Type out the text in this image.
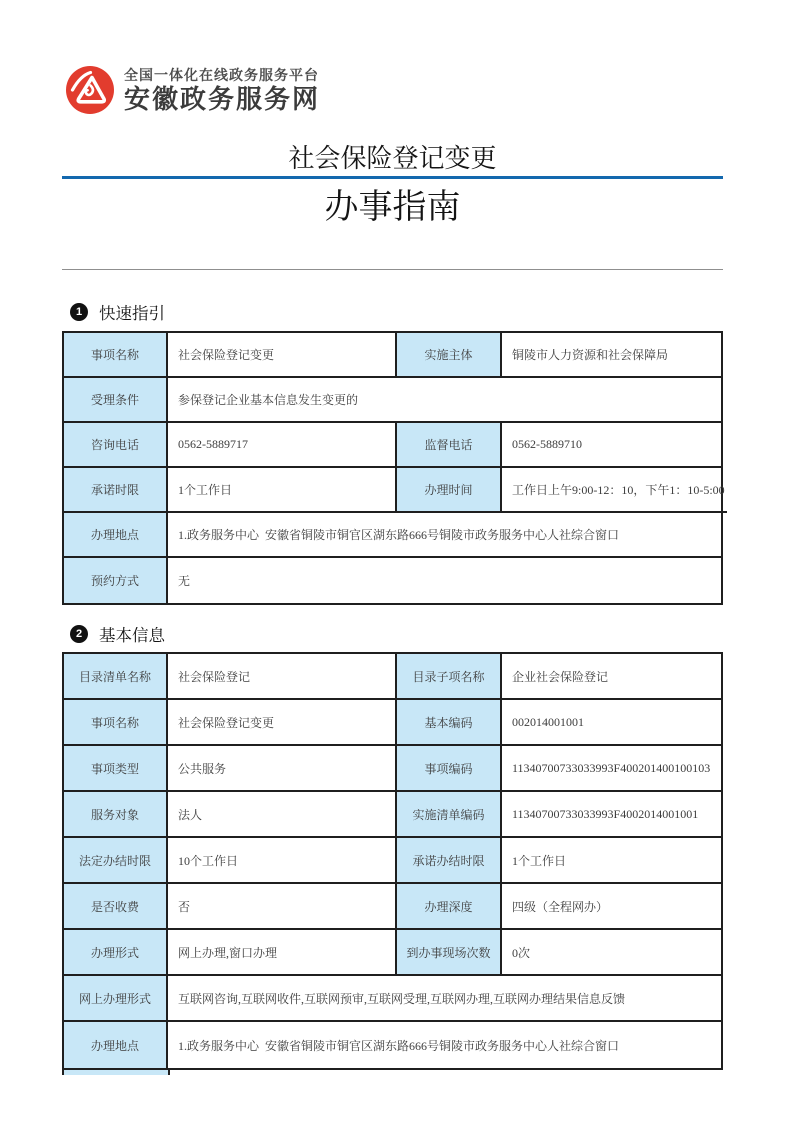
全国一体化在线政务服务平台
安徽政务服务网
社会保险登记变更
办事指南
1	快速指引
事项名称	社会保险登记变更	实施主体	铜陵市人力资源和社会保障局
受理条件	参保登记企业基本信息发生变更的
咨询电话	0562-5889717	监督电话	0562-5889710
承诺时限	1个工作日	办理时间	工作日上午9:00-12：10，下午1：10-5:00
办理地点	1.政务服务中心  安徽省铜陵市铜官区湖东路666号铜陵市政务服务中心人社综合窗口
预约方式	无
2	基本信息
目录清单名称	社会保险登记	目录子项名称	企业社会保险登记
事项名称	社会保险登记变更	基本编码	002014001001
事项类型	公共服务	事项编码	11340700733033993F400201400100103
服务对象	法人	实施清单编码	11340700733033993F4002014001001
法定办结时限	10个工作日	承诺办结时限	1个工作日
是否收费	否	办理深度	四级（全程网办）
办理形式	网上办理,窗口办理	到办事现场次数	0次
网上办理形式	互联网咨询,互联网收件,互联网预审,互联网受理,互联网办理,互联网办理结果信息反馈
办理地点	1.政务服务中心  安徽省铜陵市铜官区湖东路666号铜陵市政务服务中心人社综合窗口
